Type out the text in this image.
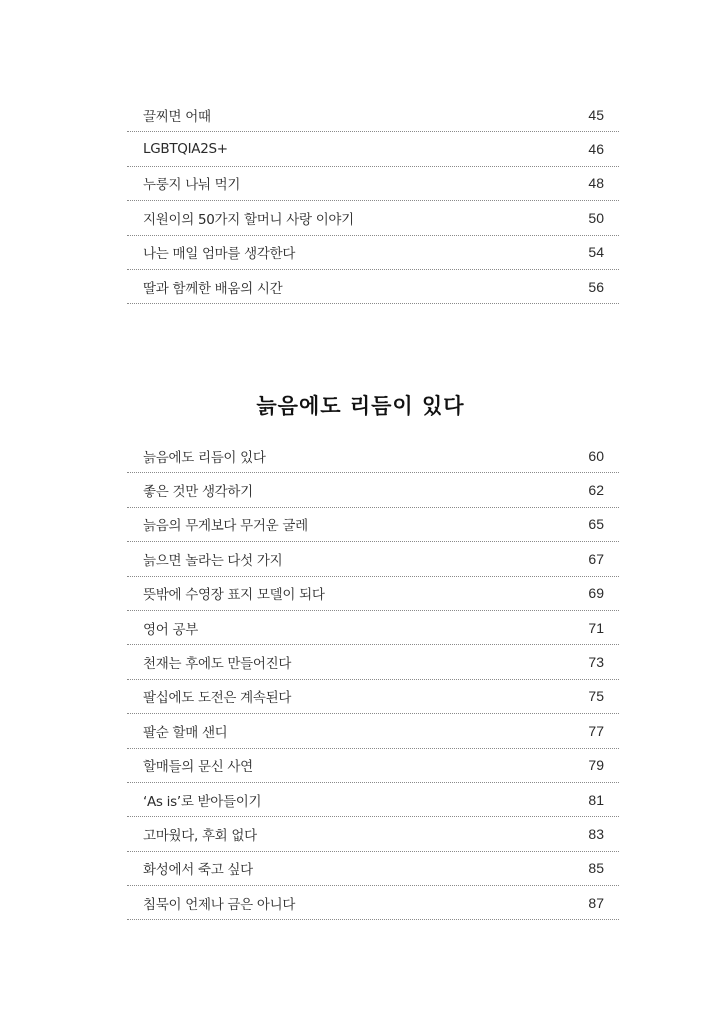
끌찌면 어때	45
LGBTQIA2S+	46
누룽지 나눠 먹기	48
지원이의 50가지 할머니 사랑 이야기	50
나는 매일 엄마를 생각한다	54
딸과 함께한 배움의 시간	56
늙음에도 리듬이 있다
늙음에도 리듬이 있다	60
좋은 것만 생각하기	62
늙음의 무게보다 무거운 굴레	65
늙으면 놀라는 다섯 가지	67
뜻밖에 수영장 표지 모델이 되다	69
영어 공부	71
천재는 후에도 만들어진다	73
팔십에도 도전은 계속된다	75
팔순 할매 샌디	77
할매들의 문신 사연	79
‘As is’로 받아들이기	81
고마웠다, 후회 없다	83
화성에서 죽고 싶다	85
침묵이 언제나 금은 아니다	87
